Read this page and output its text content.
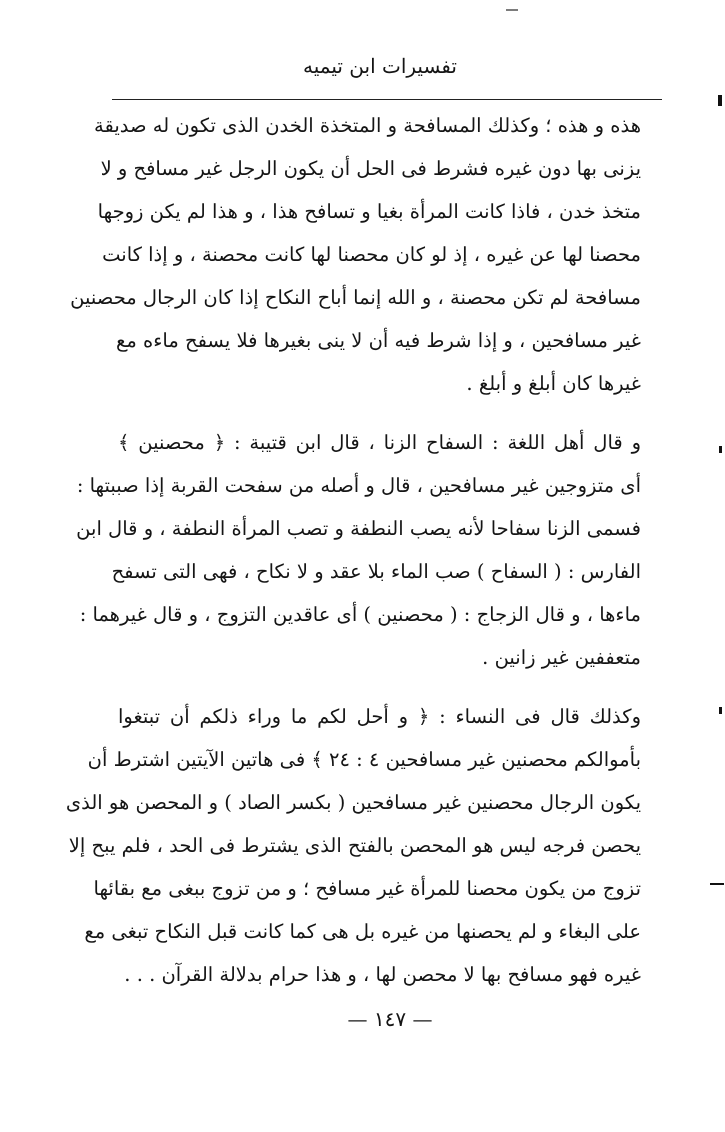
تفسيرات ابن تيميه
هذه و هذه ؛ وكذلك المسافحة و المتخذة الخدن الذى تكون له صديقة
يزنى بها دون غيره فشرط فى الحل أن يكون الرجل غير مسافح و لا
متخذ خدن ، فاذا كانت المرأة بغيا و تسافح هذا ، و هذا لم يكن زوجها
محصنا لها عن غيره ، إذ لو كان محصنا لها كانت محصنة ، و إذا كانت
مسافحة لم تكن محصنة ، و الله إنما أباح النكاح إذا كان الرجال محصنين
غير مسافحين ، و إذا شرط فيه أن لا ينى بغيرها فلا يسفح ماءه مع
غيرها كان أبلغ و أبلغ .
و قال أهل اللغة : السفاح الزنا ، قال ابن قتيبة : ﴿ محصنين ﴾
أى متزوجين غير مسافحين ، قال و أصله من سفحت القربة إذا صببتها :
فسمى الزنا سفاحا لأنه يصب النطفة و تصب المرأة النطفة ، و قال ابن
الفارس : ( السفاح ) صب الماء بلا عقد و لا نكاح ، فهى التى تسفح
ماءها ، و قال الزجاج : ( محصنين ) أى عاقدين التزوج ، و قال غيرهما :
متعففين غير زانين .
وكذلك قال فى النساء : ﴿ و أحل لكم ما وراء ذلكم أن تبتغوا
بأموالكم محصنين غير مسافحين ٤ : ٢٤ ﴾ فى هاتين الآيتين اشترط أن
يكون الرجال محصنين غير مسافحين ( بكسر الصاد ) و المحصن هو الذى
يحصن فرجه ليس هو المحصن بالفتح الذى يشترط فى الحد ، فلم يبح إلا
تزوج من يكون محصنا للمرأة غير مسافح ؛ و من تزوج ببغى مع بقائها
على البغاء و لم يحصنها من غيره بل هى كما كانت قبل النكاح تبغى مع
غيره فهو مسافح بها لا محصن لها ، و هذا حرام بدلالة القرآن . . .
— ١٤٧ —
